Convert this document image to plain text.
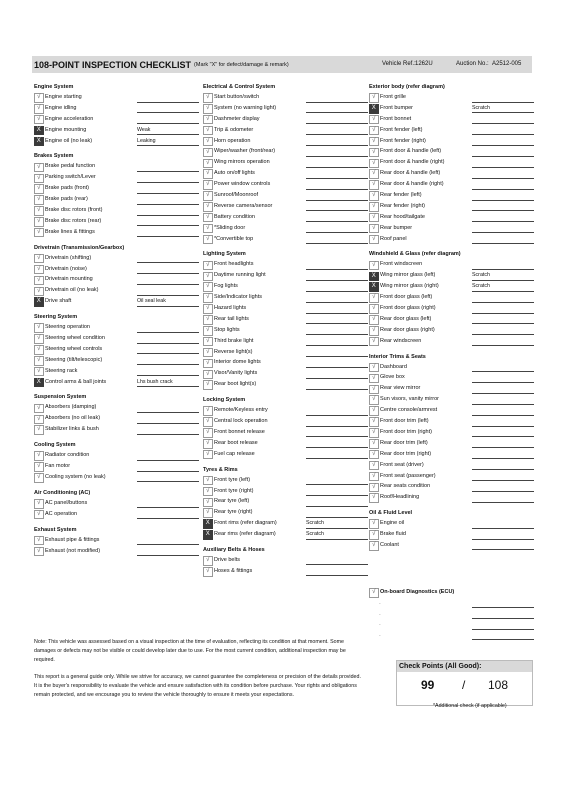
108-POINT INSPECTION CHECKLIST (Mark "X" for defect/damage & remark)	Vehicle Ref.: 1262U	Auction No.: A2512-005
Engine System
√ Engine starting
√ Engine idling
√ Engine acceleration
X Engine mounting	Weak
X Engine oil (no leak)	Leaking
Brakes System
√ Brake pedal function
√ Parking switch/Lever
√ Brake pads (front)
√ Brake pads (rear)
√ Brake disc rotors (front)
√ Brake disc rotors (rear)
√ Brake lines & fittings
Drivetrain (Transmission/Gearbox)
√ Drivetrain (shifting)
√ Drivetrain (noise)
√ Drivetrain mounting
√ Drivetrain oil (no leak)
X Drive shaft	Oil seal leak
Steering System
√ Steering operation
√ Steering wheel condition
√ Steering wheel controls
√ Steering (tilt/telescopic)
√ Steering rack
X Control arms & ball joints	Lhs bush crack
Suspension System
√ Absorbers (damping)
√ Absorbers (no oil leak)
√ Stabilizer links & bush
Cooling System
√ Radiator condition
√ Fan motor
√ Cooling system (no leak)
Air Conditioning (AC)
√ AC panel/buttons
√ AC operation
Exhaust System
√ Exhaust pipe & fittings
√ Exhaust (not modified)
Electrical & Control System
√ Start button/switch
√ System (no warning light)
√ Dashmeter display
√ Trip & odometer
√ Horn operation
√ Wiper/washer (front/rear)
√ Wing mirrors operation
√ Auto on/off lights
√ Power window controls
√ Sunroof/Moonroof
√ Reverse camera/sensor
√ Battery condition
√ *Sliding door
√ *Convertible top
Lighting System
√ Front headlights
√ Daytime running light
√ Fog lights
√ Side/Indicator lights
√ Hazard lights
√ Rear tail lights
√ Stop lights
√ Third brake light
√ Reverse light(s)
√ Interior dome lights
√ Visor/Vanity lights
√ Rear boot light(s)
Locking System
√ Remote/Keyless entry
√ Central lock operation
√ Front bonnet release
√ Rear boot release
√ Fuel cap release
Tyres & Rims
√ Front tyre (left)
√ Front tyre (right)
√ Rear tyre (left)
√ Rear tyre (right)
X Front rims (refer diagram)	Scratch
X Rear rims (refer diagram)	Scratch
Auxiliary Belts & Hoses
√ Drive belts
√ Hoses & fittings
Exterior body (refer diagram)
√ Front grille
X Front bumper	Scratch
√ Front bonnet
√ Front fender (left)
√ Front fender (right)
√ Front door & handle (left)
√ Front door & handle (right)
√ Rear door & handle (left)
√ Rear door & handle (right)
√ Rear fender (left)
√ Rear fender (right)
√ Rear hood/tailgate
√ Rear bumper
√ Roof panel
Windshield & Glass (refer diagram)
√ Front windscreen
X Wing mirror glass (left)	Scratch
X Wing mirror glass (right)	Scratch
√ Front door glass (left)
√ Front door glass (right)
√ Rear door glass (left)
√ Rear door glass (right)
√ Rear windscreen
Interior Trims & Seats
√ Dashboard
√ Glove box
√ Rear view mirror
√ Sun visors, vanity mirror
√ Centre console/armrest
√ Front door trim (left)
√ Front door trim (right)
√ Rear door trim (left)
√ Rear door trim (right)
√ Front seat (driver)
√ Front seat (passenger)
√ Rear seats condition
√ Roof/Headlining
Oil & Fluid Level
√ Engine oil
√ Brake fluid
√ Coolant
√ On-board Diagnostics (ECU)
-
-
-
-
Note: This vehicle was assessed based on a visual inspection at the time of evaluation, reflecting its condition at that moment. Some damages or defects may not be visible or could develop later due to use. For the most current condition, additional inspection may be required.
This report is a general guide only. While we strive for accuracy, we cannot guarantee the completeness or precision of the details provided. It is the buyer's responsibility to evaluate the vehicle and ensure satisfaction with its condition before purchase. Your rights and obligations remain protected, and we encourage you to review the vehicle thoroughly to ensure it meets your expectations.
Check Points (All Good):
99 / 108
*Additional check (if applicable)
